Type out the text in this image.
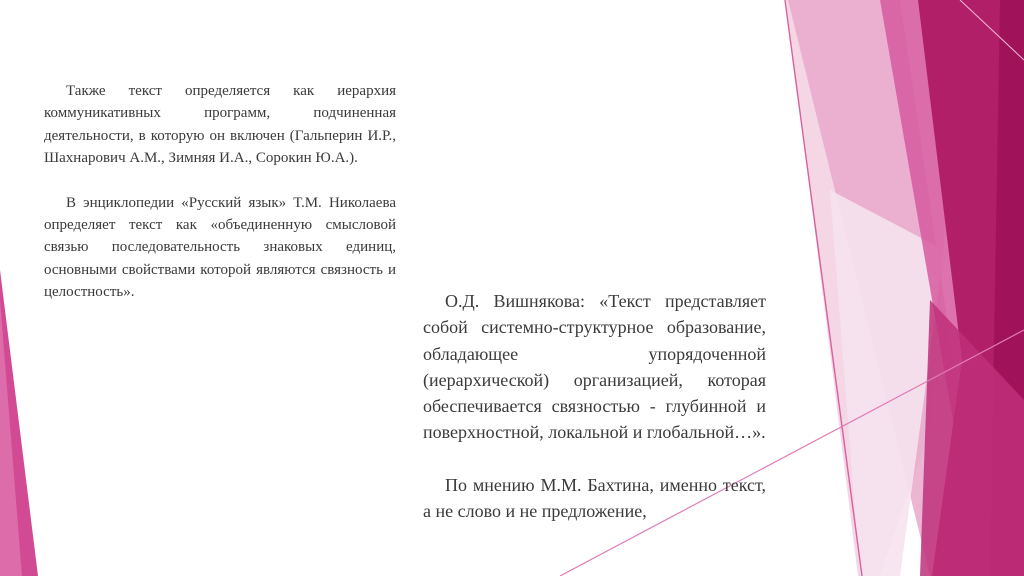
Также текст определяется как иерархия коммуникативных программ, подчиненная деятельности, в которую он включен (Гальперин И.Р., Шахнарович А.М., Зимняя И.А., Сорокин Ю.А.).

В энциклопедии «Русский язык» Т.М. Николаева определяет текст как «объединенную смысловой связью последовательность знаковых единиц, основными свойствами которой являются связность и целостность».	О.Д. Вишнякова: «Текст представляет собой системно-структурное образование, обладающее упорядоченной (иерархической) организацией, которая обеспечивается связностью - глубинной и поверхностной, локальной и глобальной…».

По мнению М.М. Бахтина, именно текст, а не слово и не предложение,
